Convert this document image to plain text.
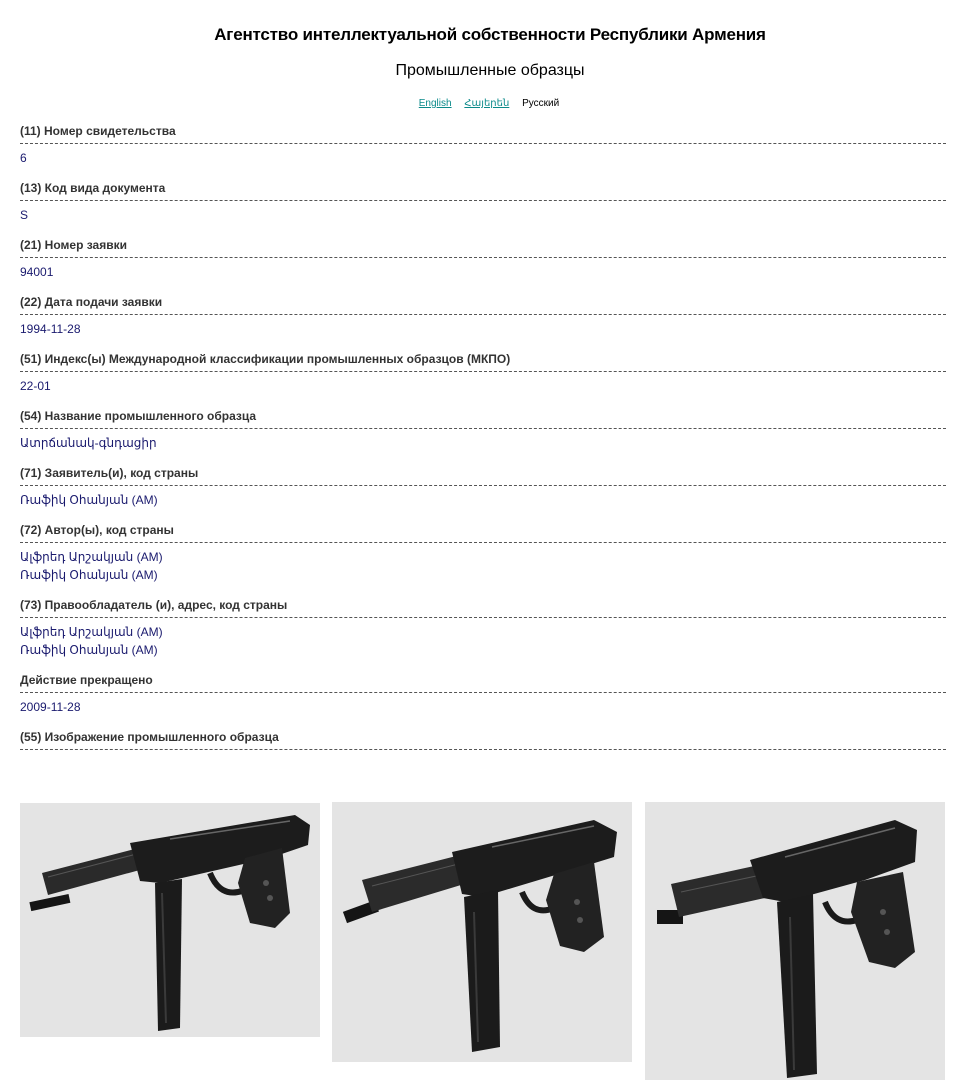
Агентство интеллектуальной собственности Республики Армения
Промышленные образцы
English Հայերեն Русский
(11) Номер свидетельства
6
(13) Код вида документа
S
(21) Номер заявки
94001
(22) Дата подачи заявки
1994-11-28
(51) Индекс(ы) Международной классификации промышленных образцов (МКПО)
22-01
(54) Название промышленного образца
Ատրճանակ-գնդացիր
(71) Заявитель(и), код страны
Ռաֆիկ Օհանյան (AM)
(72) Автор(ы), код страны
Ալֆրեդ Արշակյան (AM)
Ռաֆիկ Օհանյան (AM)
(73) Правообладатель (и), адрес, код страны
Ալֆրեդ Արշակյան (AM)
Ռաֆիկ Օհանյան (AM)
Действие прекращено
2009-11-28
(55) Изображение промышленного образца
